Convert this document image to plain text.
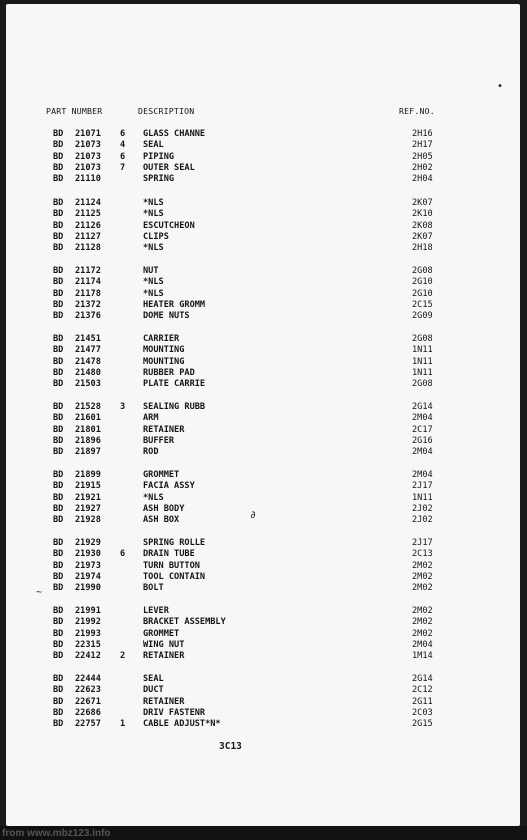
PART NUMBER	DESCRIPTION	REF.NO.
BD 21071 6 GLASS CHANNE	2H16
BD 21073 4 SEAL	2H17
BD 21073 6 PIPING	2H05
BD 21073 7 OUTER SEAL	2H02
BD 21110	SPRING	2H04
BD 21124	*NLS	2K07
BD 21125	*NLS	2K10
BD 21126	ESCUTCHEON	2K08
BD 21127	CLIPS	2K07
BD 21128	*NLS	2H18
BD 21172	NUT	2G08
BD 21174	*NLS	2G10
BD 21178	*NLS	2G10
BD 21372	HEATER GROMM	2C15
BD 21376	DOME NUTS	2G09
BD 21451	CARRIER	2G08
BD 21477	MOUNTING	1N11
BD 21478	MOUNTING	1N11
BD 21480	RUBBER PAD	1N11
BD 21503	PLATE CARRIE	2G08
BD 21528 3 SEALING RUBB	2G14
BD 21601	ARM	2M04
BD 21801	RETAINER	2C17
BD 21896	BUFFER	2G16
BD 21897	ROD	2M04
BD 21899	GROMMET	2M04
BD 21915	FACIA ASSY	2J17
BD 21921	*NLS	1N11
BD 21927	ASH BODY	2J02
BD 21928	ASH BOX	2J02
BD 21929	SPRING ROLLE	2J17
BD 21930 6 DRAIN TUBE	2C13
BD 21973	TURN BUTTON	2M02
BD 21974	TOOL CONTAIN	2M02
BD 21990	BOLT	2M02
BD 21991	LEVER	2M02
BD 21992	BRACKET ASSEMBLY	2M02
BD 21993	GROMMET	2M02
BD 22315	WING NUT	2M04
BD 22412 2 RETAINER	1M14
BD 22444	SEAL	2G14
BD 22623	DUCT	2C12
BD 22671	RETAINER	2G11
BD 22686	DRIV FASTENR	2C03
BD 22757 1 CABLE ADJUST*N*	2G15
3C13
•
∂
~
from www.mbz123.info
